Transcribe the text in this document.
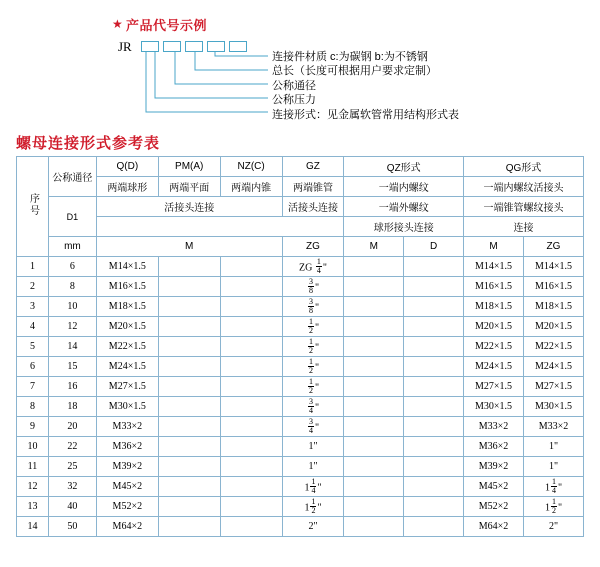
★ 产品代号示例
JR
连接件材质 c:为碳钢 b:为不锈钢
总长（长度可根据用户要求定制）
公称通径
公称压力
连接形式：见金属软管常用结构形式表
螺母连接形式参考表
序号	公称通径	Q(D)	PM(A)	NZ(C)	GZ	QZ形式		QG形式	
		两端球形	两端平面	两端内锥	两端锥管	一端内螺纹		一端内螺纹活接头	
	D1	活接头连接			活接头连接	一端外螺纹		一端锥管螺纹接头	
						球形接头连接		连接	
	mm	M			ZG	M	D	M	ZG
1	6	M14×1.5			ZG $\frac{1}{4}$ "			M14×1.5	M14×1.5
2	8	M16×1.5			$\frac{3}{8}$ "			M16×1.5	M16×1.5
3	10	M18×1.5			$\frac{3}{8}$ "			M18×1.5	M18×1.5
4	12	M20×1.5			$\frac{1}{2}$ "			M20×1.5	M20×1.5
5	14	M22×1.5			$\frac{1}{2}$ "			M22×1.5	M22×1.5
6	15	M24×1.5			$\frac{1}{2}$ "			M24×1.5	M24×1.5
7	16	M27×1.5			$\frac{1}{2}$ "			M27×1.5	M27×1.5
8	18	M30×1.5			$\frac{3}{4}$ "			M30×1.5	M30×1.5
9	20	M33×2			$\frac{3}{4}$ "			M33×2	M33×2
10	22	M36×2			1"			M36×2	1"
11	25	M39×2			1"			M39×2	1"
12	32	M45×2			$1 \frac{1}{4}$ "			M45×2	$1 \frac{1}{4}$ "
13	40	M52×2			$1 \frac{1}{2}$ "			M52×2	$1 \frac{1}{2}$ "
14	50	M64×2			2"			M64×2	2"
